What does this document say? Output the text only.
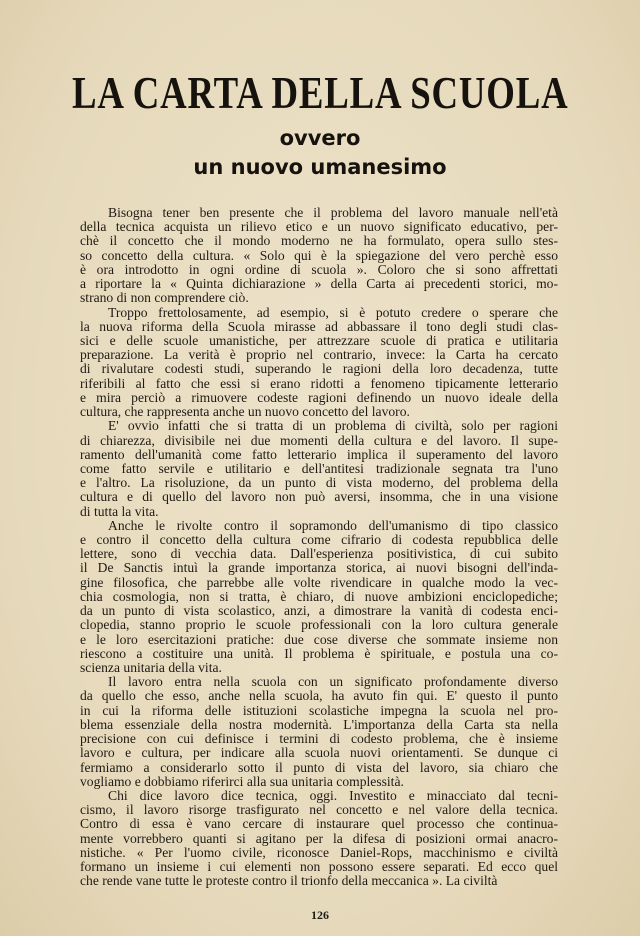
LA CARTA DELLA SCUOLA
ovvero
un nuovo umanesimo
Bisogna tener ben presente che il problema del lavoro manuale nell'età
della tecnica acquista un rilievo etico e un nuovo significato educativo, per-
chè il concetto che il mondo moderno ne ha formulato, opera sullo stes-
so concetto della cultura. « Solo qui è la spiegazione del vero perchè esso
è ora introdotto in ogni ordine di scuola ». Coloro che si sono affrettati
a riportare la « Quinta dichiarazione » della Carta ai precedenti storici, mo-
strano di non comprendere ciò.
Troppo frettolosamente, ad esempio, si è potuto credere o sperare che
la nuova riforma della Scuola mirasse ad abbassare il tono degli studi clas-
sici e delle scuole umanistiche, per attrezzare scuole di pratica e utilitaria
preparazione. La verità è proprio nel contrario, invece: la Carta ha cercato
di rivalutare codesti studi, superando le ragioni della loro decadenza, tutte
riferibili al fatto che essi si erano ridotti a fenomeno tipicamente letterario
e mira perciò a rimuovere codeste ragioni definendo un nuovo ideale della
cultura, che rappresenta anche un nuovo concetto del lavoro.
E' ovvio infatti che si tratta di un problema di civiltà, solo per ragioni
di chiarezza, divisibile nei due momenti della cultura e del lavoro. Il supe-
ramento dell'umanità come fatto letterario implica il superamento del lavoro
come fatto servile e utilitario e dell'antitesi tradizionale segnata tra l'uno
e l'altro. La risoluzione, da un punto di vista moderno, del problema della
cultura e di quello del lavoro non può aversi, insomma, che in una visione
di tutta la vita.
Anche le rivolte contro il sopramondo dell'umanismo di tipo classico
e contro il concetto della cultura come cifrario di codesta repubblica delle
lettere, sono di vecchia data. Dall'esperienza positivistica, di cui subito
il De Sanctis intuì la grande importanza storica, ai nuovi bisogni dell'inda-
gine filosofica, che parrebbe alle volte rivendicare in qualche modo la vec-
chia cosmologia, non si tratta, è chiaro, di nuove ambizioni enciclopediche;
da un punto di vista scolastico, anzi, a dimostrare la vanità di codesta enci-
clopedia, stanno proprio le scuole professionali con la loro cultura generale
e le loro esercitazioni pratiche: due cose diverse che sommate insieme non
riescono a costituire una unità. Il problema è spirituale, e postula una co-
scienza unitaria della vita.
Il lavoro entra nella scuola con un significato profondamente diverso
da quello che esso, anche nella scuola, ha avuto fin qui. E' questo il punto
in cui la riforma delle istituzioni scolastiche impegna la scuola nel pro-
blema essenziale della nostra modernità. L'importanza della Carta sta nella
precisione con cui definisce i termini di codesto problema, che è insieme
lavoro e cultura, per indicare alla scuola nuovi orientamenti. Se dunque ci
fermiamo a considerarlo sotto il punto di vista del lavoro, sia chiaro che
vogliamo e dobbiamo riferirci alla sua unitaria complessità.
Chi dice lavoro dice tecnica, oggi. Investito e minacciato dal tecni-
cismo, il lavoro risorge trasfigurato nel concetto e nel valore della tecnica.
Contro di essa è vano cercare di instaurare quel processo che continua-
mente vorrebbero quanti si agitano per la difesa di posizioni ormai anacro-
nistiche. « Per l'uomo civile, riconosce Daniel-Rops, macchinismo e civiltà
formano un insieme i cui elementi non possono essere separati. Ed ecco quel
che rende vane tutte le proteste contro il trionfo della meccanica ». La civiltà
126
